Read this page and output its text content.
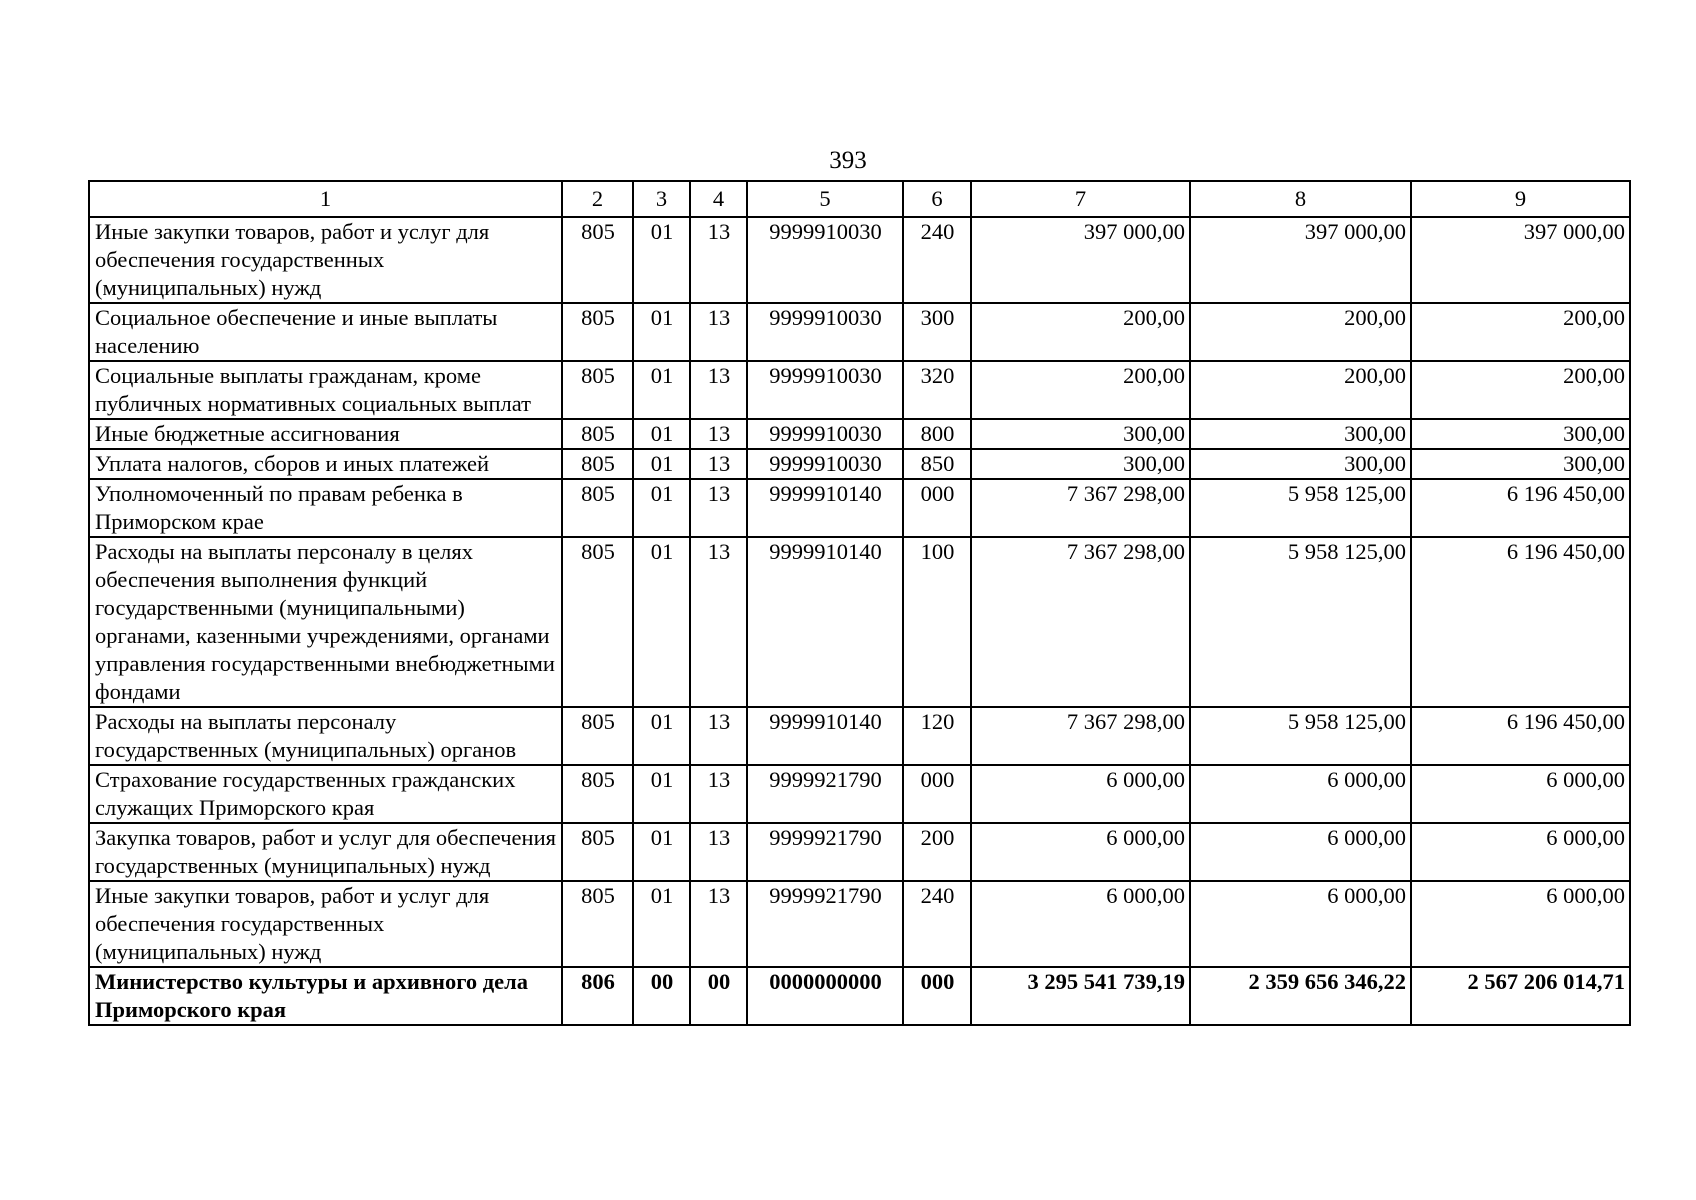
393
1	2	3	4	5	6	7	8	9
Иные закупки товаров, работ и услуг для обеспечения государственных (муниципальных) нужд	805	01	13	9999910030	240	397 000,00	397 000,00	397 000,00
Социальное обеспечение и иные выплаты населению	805	01	13	9999910030	300	200,00	200,00	200,00
Социальные выплаты гражданам, кроме публичных нормативных социальных выплат	805	01	13	9999910030	320	200,00	200,00	200,00
Иные бюджетные ассигнования	805	01	13	9999910030	800	300,00	300,00	300,00
Уплата налогов, сборов и иных платежей	805	01	13	9999910030	850	300,00	300,00	300,00
Уполномоченный по правам ребенка в Приморском крае	805	01	13	9999910140	000	7 367 298,00	5 958 125,00	6 196 450,00
Расходы на выплаты персоналу в целях обеспечения выполнения функций государственными (муниципальными) органами, казенными учреждениями, органами управления государственными внебюджетными фондами	805	01	13	9999910140	100	7 367 298,00	5 958 125,00	6 196 450,00
Расходы на выплаты персоналу государственных (муниципальных) органов	805	01	13	9999910140	120	7 367 298,00	5 958 125,00	6 196 450,00
Страхование государственных гражданских служащих Приморского края	805	01	13	9999921790	000	6 000,00	6 000,00	6 000,00
Закупка товаров, работ и услуг для обеспечения государственных (муниципальных) нужд	805	01	13	9999921790	200	6 000,00	6 000,00	6 000,00
Иные закупки товаров, работ и услуг для обеспечения государственных (муниципальных) нужд	805	01	13	9999921790	240	6 000,00	6 000,00	6 000,00
Министерство культуры и архивного дела Приморского края	806	00	00	0000000000	000	3 295 541 739,19	2 359 656 346,22	2 567 206 014,71
